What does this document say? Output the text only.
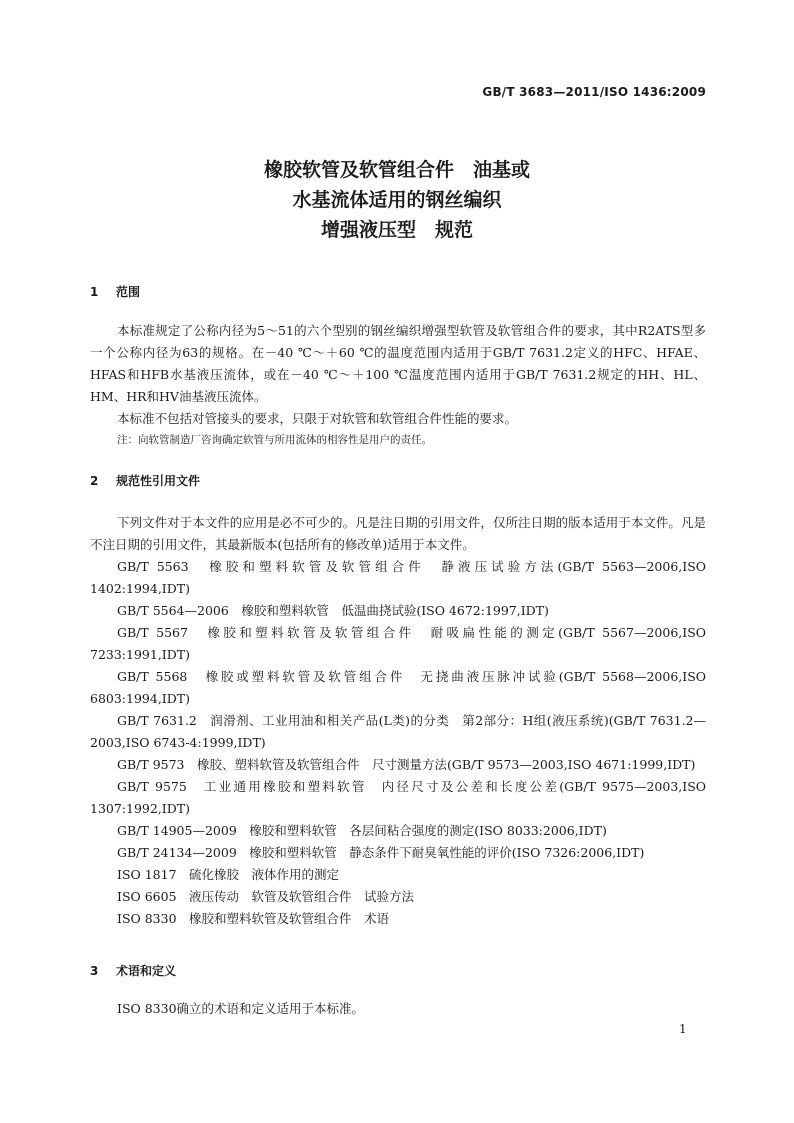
GB/T 3683—2011/ISO 1436:2009
橡胶软管及软管组合件　油基或
水基流体适用的钢丝编织
增强液压型　规范
1 范围
本标准规定了公称内径为5～51的六个型别的钢丝编织增强型软管及软管组合件的要求，其中R2ATS型多一个公称内径为63的规格。在－40 ℃～＋60 ℃的温度范围内适用于GB/T 7631.2定义的HFC、HFAE、HFAS和HFB水基液压流体，或在－40 ℃～＋100 ℃温度范围内适用于GB/T 7631.2规定的HH、HL、HM、HR和HV油基液压流体。
本标准不包括对管接头的要求，只限于对软管和软管组合件性能的要求。
注：向软管制造厂咨询确定软管与所用流体的相容性是用户的责任。
2 规范性引用文件
下列文件对于本文件的应用是必不可少的。凡是注日期的引用文件，仅所注日期的版本适用于本文件。凡是不注日期的引用文件，其最新版本(包括所有的修改单)适用于本文件。

GB/T 5563　橡胶和塑料软管及软管组合件　静液压试验方法(GB/T 5563—2006,ISO 1402:1994,IDT)

GB/T 5564—2006　橡胶和塑料软管　低温曲挠试验(ISO 4672:1997,IDT)

GB/T 5567　橡胶和塑料软管及软管组合件　耐吸扁性能的测定(GB/T 5567—2006,ISO 7233:1991,IDT)

GB/T 5568　橡胶或塑料软管及软管组合件　无挠曲液压脉冲试验(GB/T 5568—2006,ISO 6803:1994,IDT)

GB/T 7631.2　润滑剂、工业用油和相关产品(L类)的分类　第2部分：H组(液压系统)(GB/T 7631.2—2003,ISO 6743-4:1999,IDT)

GB/T 9573　橡胶、塑料软管及软管组合件　尺寸测量方法(GB/T 9573—2003,ISO 4671:1999,IDT)

GB/T 9575　工业通用橡胶和塑料软管　内径尺寸及公差和长度公差(GB/T 9575—2003,ISO 1307:1992,IDT)

GB/T 14905—2009　橡胶和塑料软管　各层间粘合强度的测定(ISO 8033:2006,IDT)

GB/T 24134—2009　橡胶和塑料软管　静态条件下耐臭氧性能的评价(ISO 7326:2006,IDT)

ISO 1817　硫化橡胶　液体作用的测定

ISO 6605　液压传动　软管及软管组合件　试验方法

ISO 8330　橡胶和塑料软管及软管组合件　术语

3 术语和定义
ISO 8330确立的术语和定义适用于本标准。
1
